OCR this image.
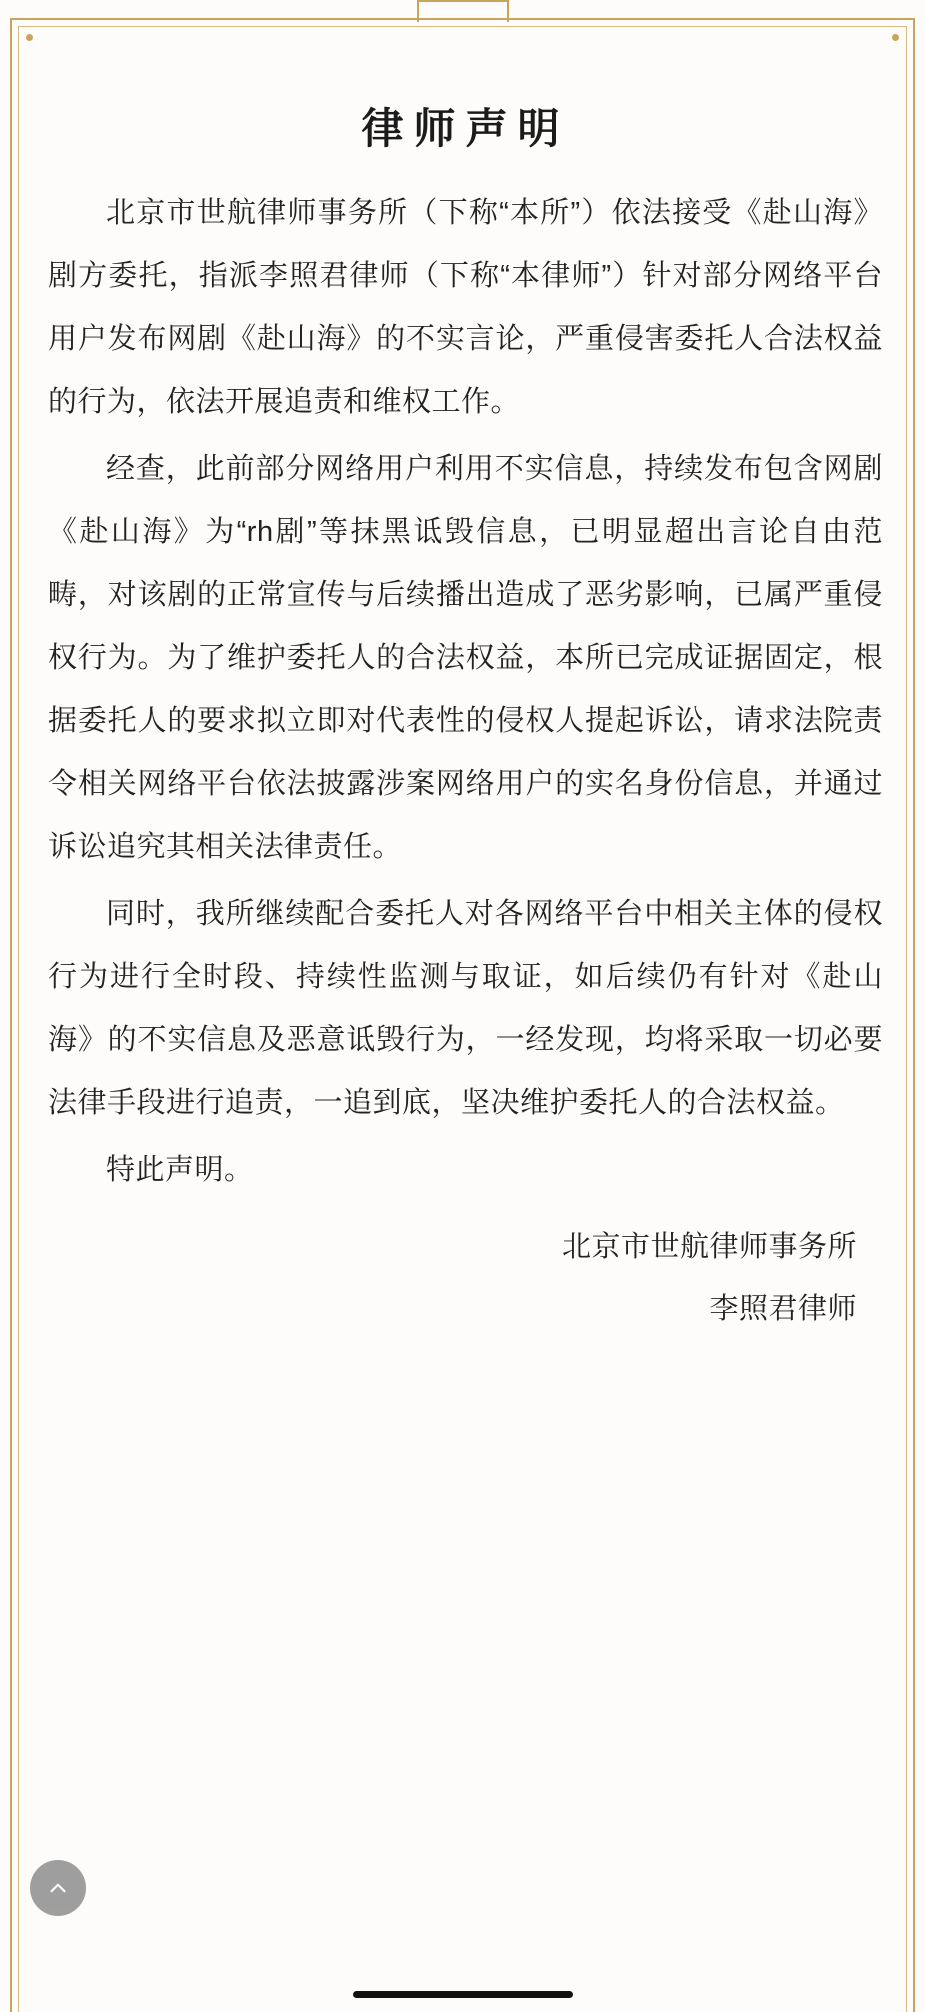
律师声明

北京市世航律师事务所（下称“本所”）依法接受《赴山海》剧方委托，指派李照君律师（下称“本律师”）针对部分网络平台用户发布网剧《赴山海》的不实言论，严重侵害委托人合法权益的行为，依法开展追责和维权工作。

经查，此前部分网络用户利用不实信息，持续发布包含网剧《赴山海》为“rh剧”等抹黑诋毁信息，已明显超出言论自由范畴，对该剧的正常宣传与后续播出造成了恶劣影响，已属严重侵权行为。为了维护委托人的合法权益，本所已完成证据固定，根据委托人的要求拟立即对代表性的侵权人提起诉讼，请求法院责令相关网络平台依法披露涉案网络用户的实名身份信息，并通过诉讼追究其相关法律责任。

同时，我所继续配合委托人对各网络平台中相关主体的侵权行为进行全时段、持续性监测与取证，如后续仍有针对《赴山海》的不实信息及恶意诋毁行为，一经发现，均将采取一切必要法律手段进行追责，一追到底，坚决维护委托人的合法权益。

特此声明。

北京市世航律师事务所
李照君律师
